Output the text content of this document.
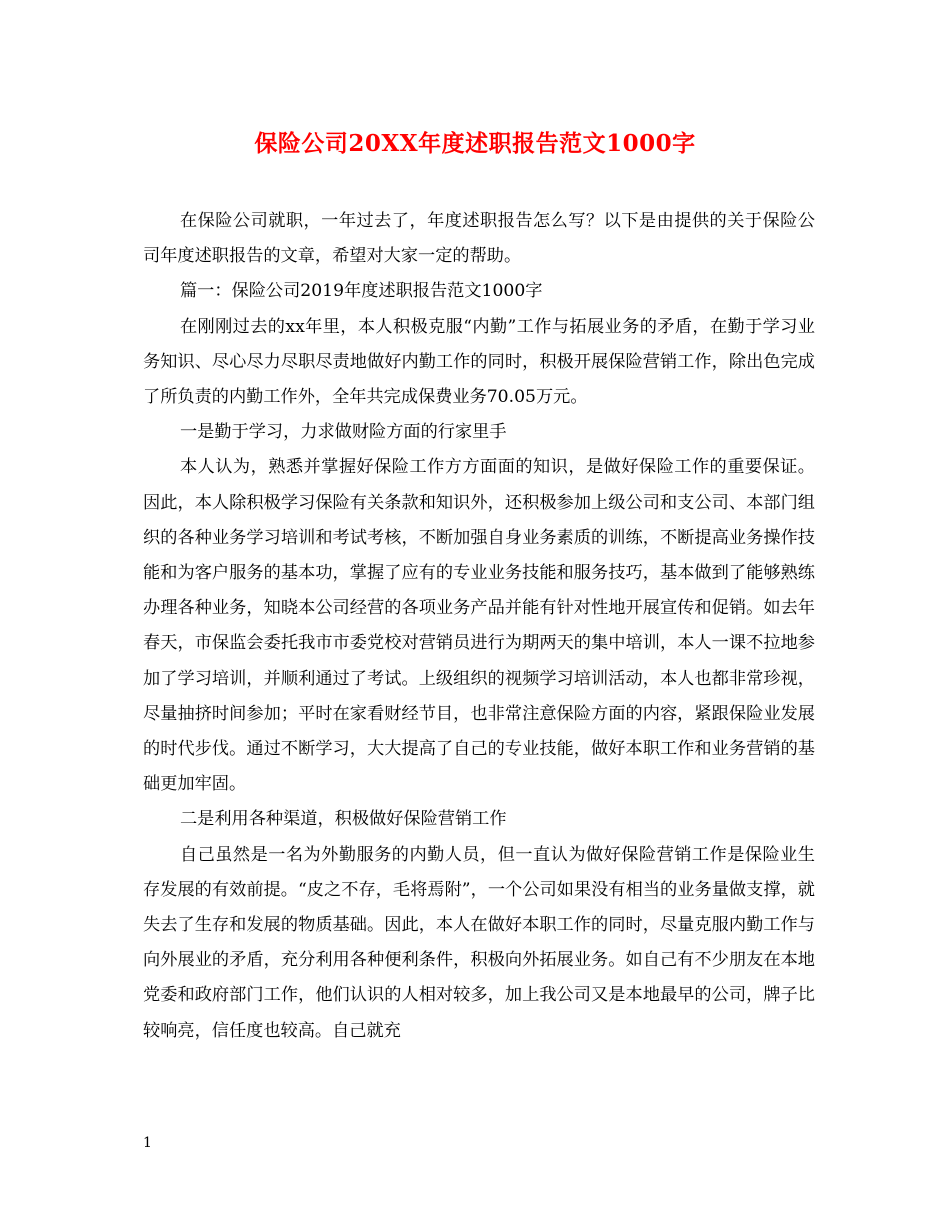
保险公司20XX年度述职报告范文1000字

在保险公司就职，一年过去了，年度述职报告怎么写？以下是由提供的关于保险公司年度述职报告的文章，希望对大家一定的帮助。

篇一：保险公司2019年度述职报告范文1000字

在刚刚过去的xx年里，本人积极克服“内勤”工作与拓展业务的矛盾，在勤于学习业务知识、尽心尽力尽职尽责地做好内勤工作的同时，积极开展保险营销工作，除出色完成了所负责的内勤工作外，全年共完成保费业务70.05万元。

一是勤于学习，力求做财险方面的行家里手

本人认为，熟悉并掌握好保险工作方方面面的知识，是做好保险工作的重要保证。因此，本人除积极学习保险有关条款和知识外，还积极参加上级公司和支公司、本部门组织的各种业务学习培训和考试考核，不断加强自身业务素质的训练，不断提高业务操作技能和为客户服务的基本功，掌握了应有的专业业务技能和服务技巧，基本做到了能够熟练办理各种业务，知晓本公司经营的各项业务产品并能有针对性地开展宣传和促销。如去年春天，市保监会委托我市市委党校对营销员进行为期两天的集中培训，本人一课不拉地参加了学习培训，并顺利通过了考试。上级组织的视频学习培训活动，本人也都非常珍视，尽量抽挤时间参加；平时在家看财经节目，也非常注意保险方面的内容，紧跟保险业发展的时代步伐。通过不断学习，大大提高了自己的专业技能，做好本职工作和业务营销的基础更加牢固。

二是利用各种渠道，积极做好保险营销工作

自己虽然是一名为外勤服务的内勤人员，但一直认为做好保险营销工作是保险业生存发展的有效前提。“皮之不存，毛将焉附”，一个公司如果没有相当的业务量做支撑，就失去了生存和发展的物质基础。因此，本人在做好本职工作的同时，尽量克服内勤工作与向外展业的矛盾，充分利用各种便利条件，积极向外拓展业务。如自己有不少朋友在本地党委和政府部门工作，他们认识的人相对较多，加上我公司又是本地最早的公司，牌子比较响亮，信任度也较高。自己就充

1
